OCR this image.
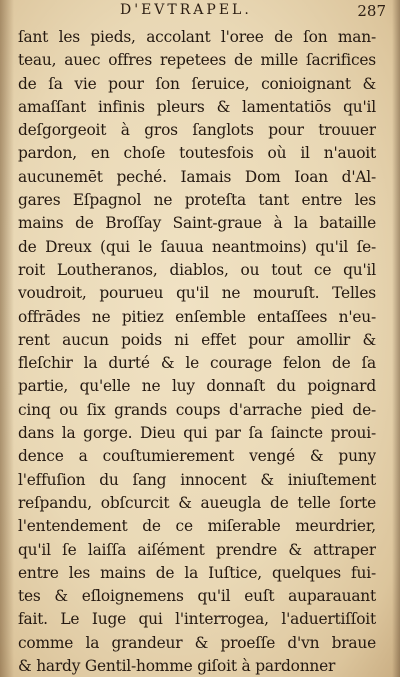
D'EVTRAPEL.	287
ſant les pieds, accolant l'oree de ſon man-
teau, auec offres repetees de mille ſacrifices
de ſa vie pour ſon ſeruice, conioignant &
amaſſant infinis pleurs & lamentatiōs qu'il
deſgorgeoit à gros ſanglots pour trouuer
pardon, en choſe toutesfois où il n'auoit
aucunemēt peché. Iamais Dom Ioan d'Al-
gares Eſpagnol ne proteſta tant entre les
mains de Broſſay Saint-graue à la bataille
de Dreux (qui le ſauua neantmoins) qu'il ſe-
roit Loutheranos, diablos, ou tout ce qu'il
voudroit, pourueu qu'il ne mouruſt. Telles
offrādes ne pitiez enſemble entaſſees n'eu-
rent aucun poids ni effet pour amollir &
fleſchir la durté & le courage felon de ſa
partie, qu'elle ne luy donnaſt du poignard
cinq ou ſix grands coups d'arrache pied de-
dans la gorge. Dieu qui par ſa ſaincte proui-
dence a couſtumierement vengé & puny
l'effuſion du ſang innocent & iniuſtement
reſpandu, obſcurcit & aueugla de telle ſorte
l'entendement de ce miſerable meurdrier,
qu'il ſe laiſſa aiſément prendre & attraper
entre les mains de la Iuſtice, quelques fui-
tes & eſloignemens qu'il euſt auparauant
fait. Le Iuge qui l'interrogea, l'aduertiſſoit
comme la grandeur & proeſſe d'vn braue
& hardy Gentil-homme giſoit à pardonner
